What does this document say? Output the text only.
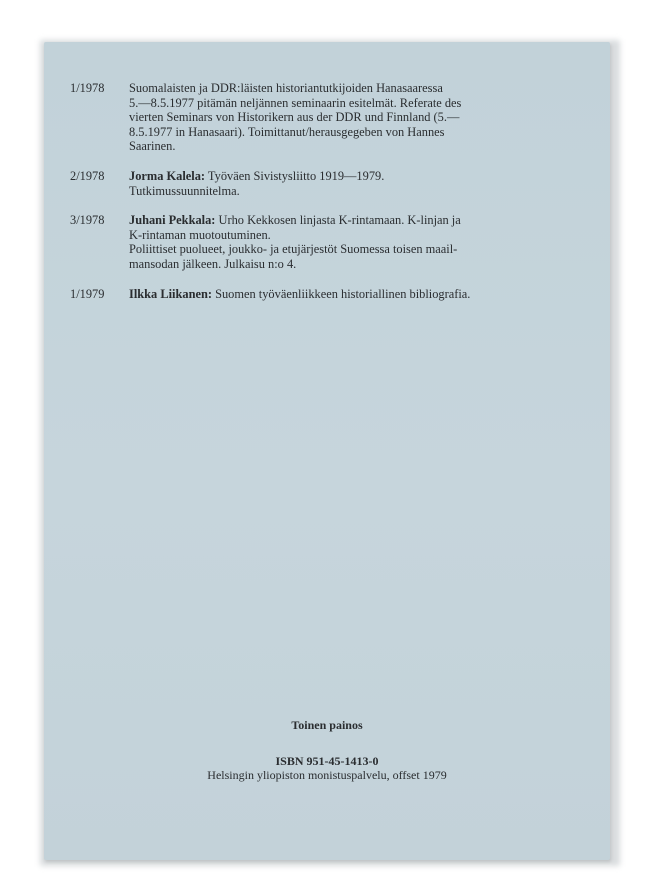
1/1978	Suomalaisten ja DDR:läisten historiantutkijoiden Hanasaaressa
5.—8.5.1977 pitämän neljännen seminaarin esitelmät. Referate des
vierten Seminars von Historikern aus der DDR und Finnland (5.—
8.5.1977 in Hanasaari). Toimittanut/herausgegeben von Hannes
Saarinen.
2/1978	Jorma Kalela: Työväen Sivistysliitto 1919—1979.
Tutkimussuunnitelma.
3/1978	Juhani Pekkala: Urho Kekkosen linjasta K-rintamaan. K-linjan ja
K-rintaman muotoutuminen.
Poliittiset puolueet, joukko- ja etujärjestöt Suomessa toisen maail-
mansodan jälkeen. Julkaisu n:o 4.
1/1979	Ilkka Liikanen: Suomen työväenliikkeen historiallinen bibliografia.
Toinen painos
ISBN 951-45-1413-0
Helsingin yliopiston monistuspalvelu, offset 1979
